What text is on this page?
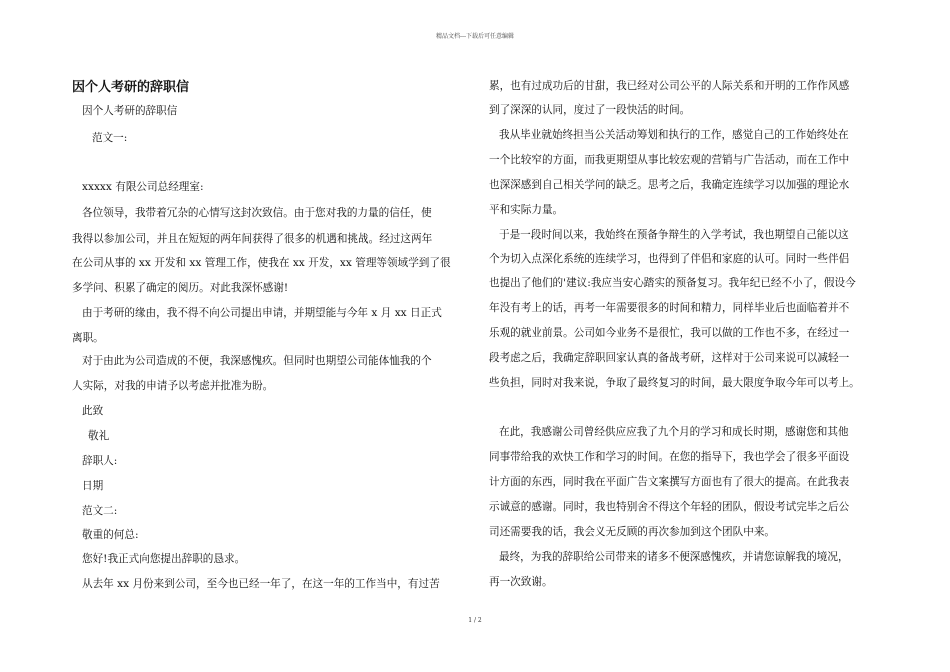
精品文档---下载后可任意编辑
因个人考研的辞职信
因个人考研的辞职信
范文一:
xxxxx 有限公司总经理室:
各位领导，我带着冗杂的心情写这封次致信。由于您对我的力量的信任，使
我得以参加公司，并且在短短的两年间获得了很多的机遇和挑战。经过这两年
在公司从事的 xx 开发和 xx 管理工作，使我在 xx 开发，xx 管理等领域学到了很
多学问、积累了确定的阅历。对此我深怀感谢!
由于考研的缘由，我不得不向公司提出申请，并期望能与今年 x 月 xx 日正式
离职。
对于由此为公司造成的不便，我深感愧疚。但同时也期望公司能体恤我的个
人实际，对我的申请予以考虑并批准为盼。
此致
敬礼
辞职人:
日期
范文二:
敬重的何总:
您好!我正式向您提出辞职的恳求。
从去年 xx 月份来到公司，至今也已经一年了，在这一年的工作当中，有过苦
累，也有过成功后的甘甜，我已经对公司公平的人际关系和开明的工作作风感
到了深深的认同，度过了一段快活的时间。
我从毕业就始终担当公关活动筹划和执行的工作，感觉自己的工作始终处在
一个比较窄的方面，而我更期望从事比较宏观的营销与广告活动，而在工作中
也深深感到自己相关学问的缺乏。思考之后，我确定连续学习以加强的理论水
平和实际力量。
于是一段时间以来，我始终在预备争辩生的入学考试，我也期望自己能以这
个为切入点深化系统的连续学习，也得到了伴侣和家庭的认可。同时一些伴侣
也提出了他们的'建议:我应当安心踏实的预备复习。我年纪已经不小了，假设今
年没有考上的话，再考一年需要很多的时间和精力，同样毕业后也面临着并不
乐观的就业前景。公司如今业务不是很忙，我可以做的工作也不多，在经过一
段考虑之后，我确定辞职回家认真的备战考研，这样对于公司来说可以减轻一
些负担，同时对我来说，争取了最终复习的时间，最大限度争取今年可以考上。
在此，我感谢公司曾经供应应我了九个月的学习和成长时期，感谢您和其他
同事带给我的欢快工作和学习的时间。在您的指导下，我也学会了很多平面设
计方面的东西，同时我在平面广告文案撰写方面也有了很大的提高。在此我表
示诚意的感谢。同时，我也特别舍不得这个年轻的团队，假设考试完毕之后公
司还需要我的话，我会义无反顾的再次参加到这个团队中来。
最终，为我的辞职给公司带来的诸多不便深感愧疚，并请您谅解我的境况，
再一次致谢。
1 / 2
